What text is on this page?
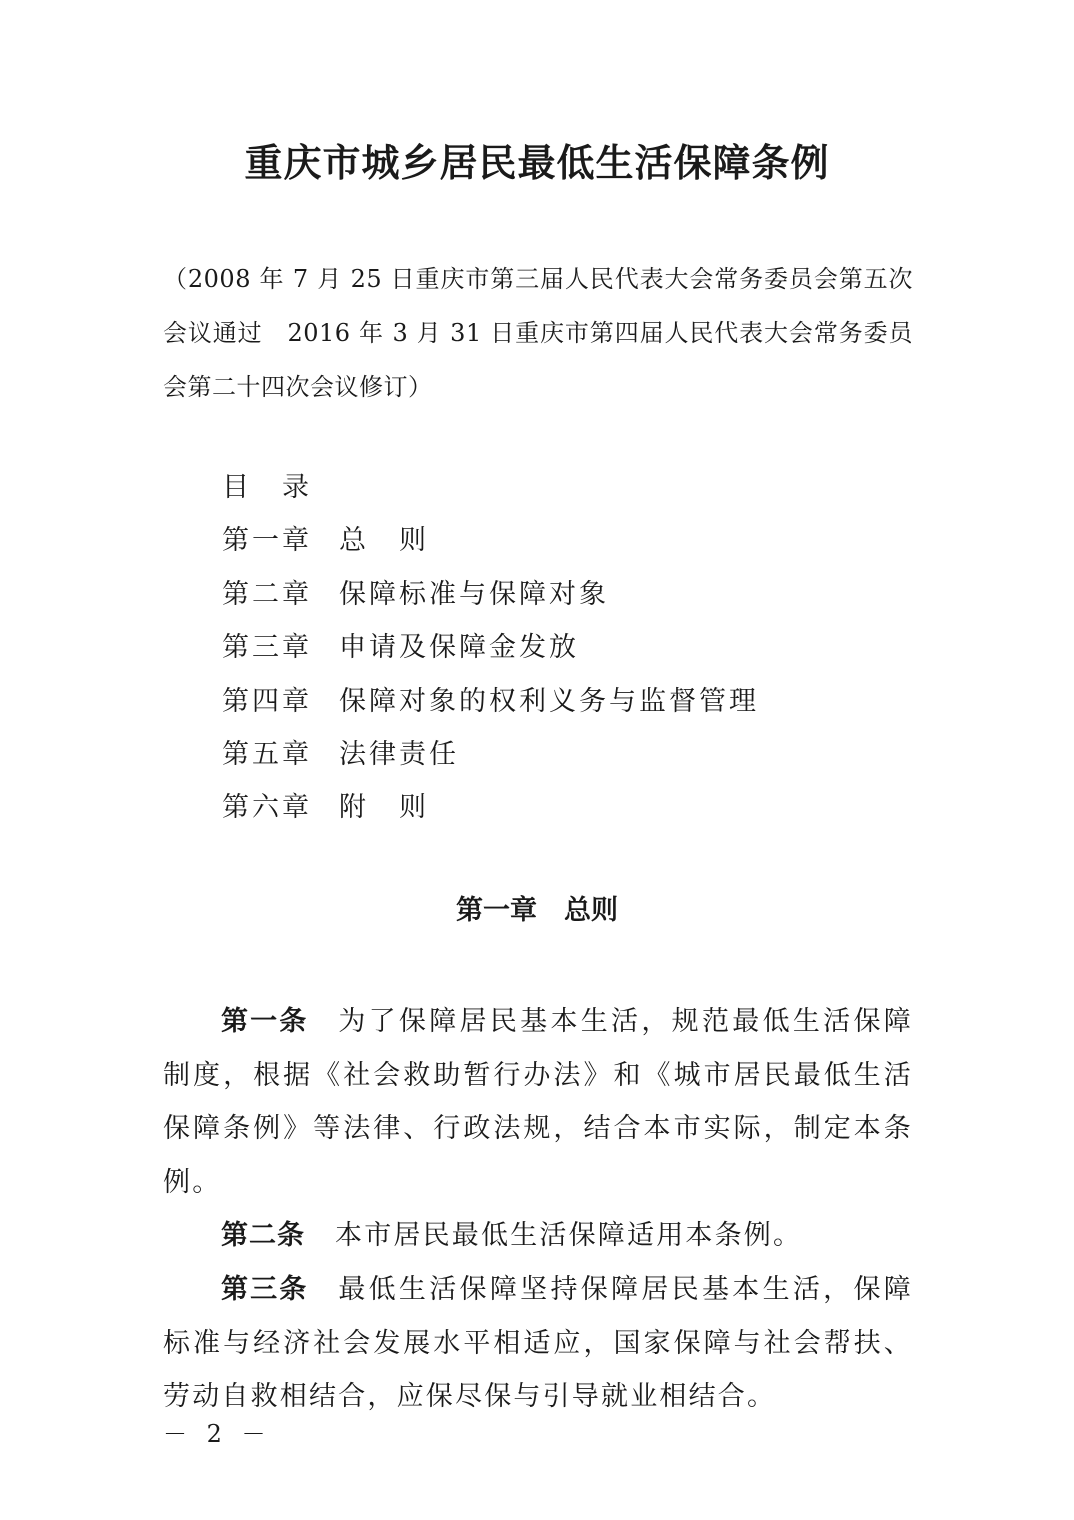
重庆市城乡居民最低生活保障条例

（2008 年 7 月 25 日重庆市第三届人民代表大会常务委员会第五次会议通过　2016 年 3 月 31 日重庆市第四届人民代表大会常务委员会第二十四次会议修订）

目　录
第一章 总　则
第二章 保障标准与保障对象
第三章 申请及保障金发放
第四章 保障对象的权利义务与监督管理
第五章 法律责任
第六章 附　则
第一章　总则

第一条 为了保障居民基本生活，规范最低生活保障制度，根据《社会救助暂行办法》和《城市居民最低生活保障条例》等法律、行政法规，结合本市实际，制定本条例。

第二条 本市居民最低生活保障适用本条例。

第三条 最低生活保障坚持保障居民基本生活，保障标准与经济社会发展水平相适应，国家保障与社会帮扶、劳动自救相结合，应保尽保与引导就业相结合。

－ 2 －
